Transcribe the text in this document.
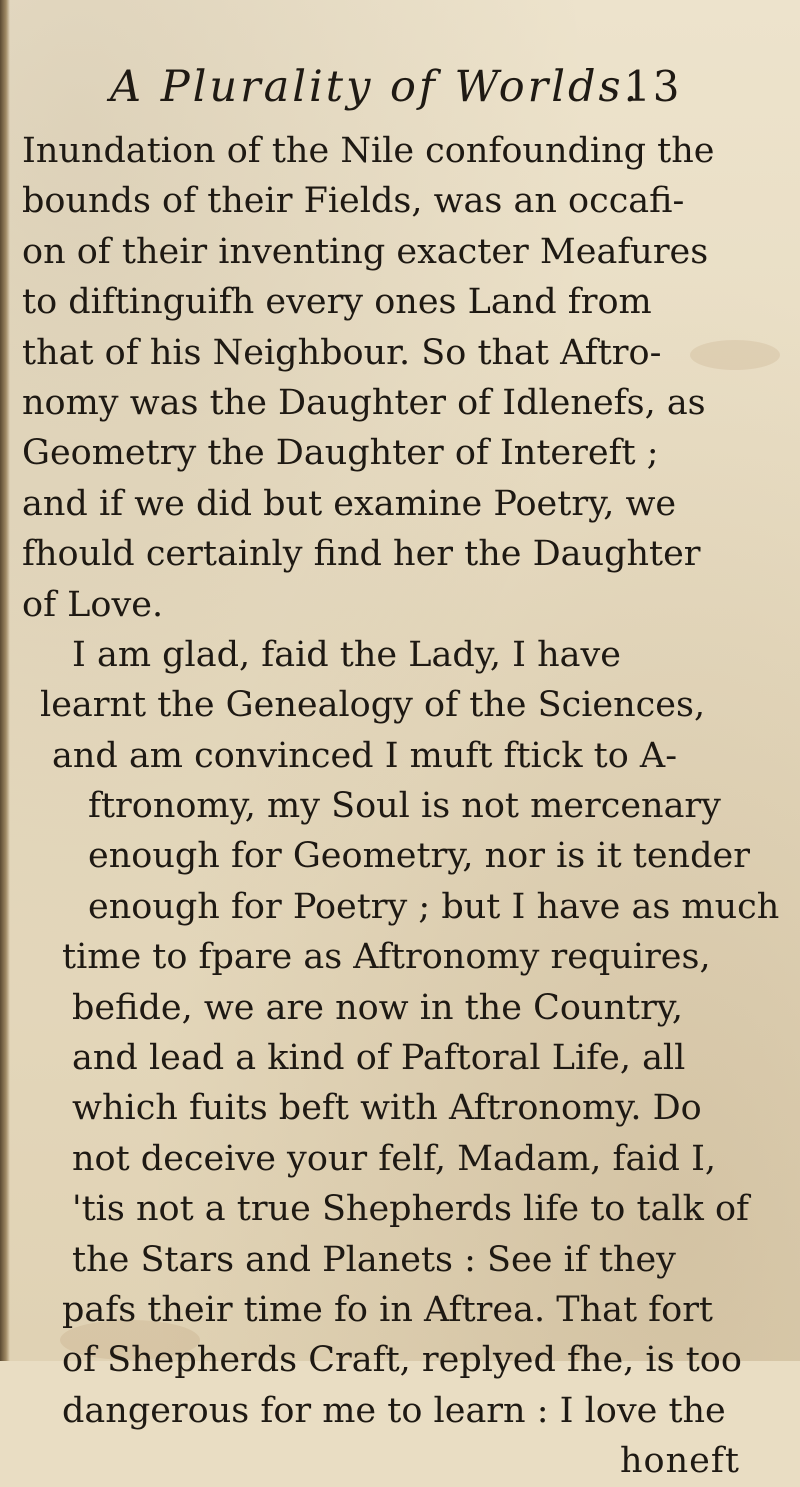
A Plurality of Worlds.
13
Inundation of the Nile confounding the
bounds of their Fields, was an occafi-
on of their inventing exacter Meafures
to diftinguifh every ones Land from
that of his Neighbour. So that Aftro-
nomy was the Daughter of Idlenefs, as
Geometry the Daughter of Intereft ;
and if we did but examine Poetry, we
fhould certainly find her the Daughter
of Love.
I am glad, faid the Lady, I have
learnt the Genealogy of the Sciences,
and am convinced I muft ftick to A-
ftronomy, my Soul is not mercenary
enough for Geometry, nor is it tender
enough for Poetry ; but I have as much
time to fpare as Aftronomy requires,
befide, we are now in the Country,
and lead a kind of Paftoral Life, all
which fuits beft with Aftronomy. Do
not deceive your felf, Madam, faid I,
'tis not a true Shepherds life to talk of
the Stars and Planets : See if they
pafs their time fo in Aftrea. That fort
of Shepherds Craft, replyed fhe, is too
dangerous for me to learn : I love the
honeft
